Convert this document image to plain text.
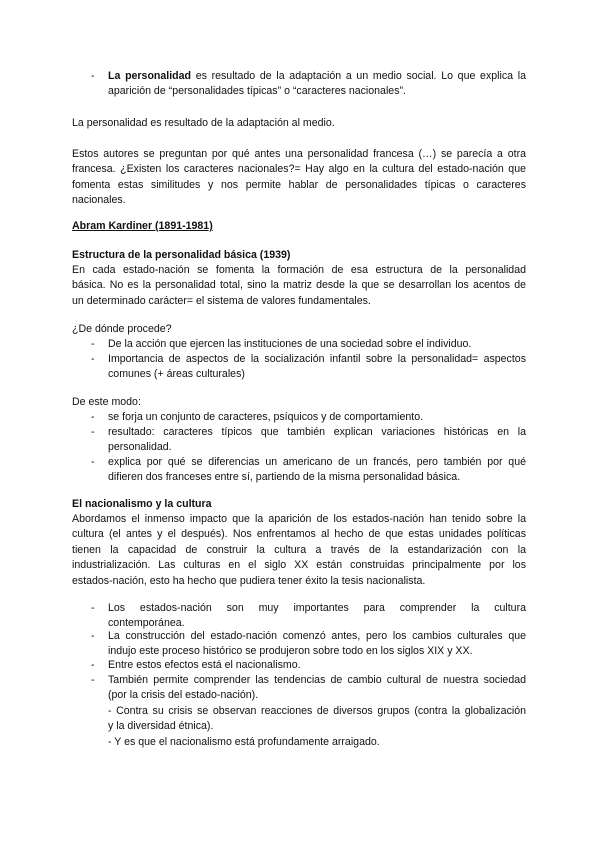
- La personalidad es resultado de la adaptación a un medio social. Lo que explica la
aparición de “personalidades típicas” o “caracteres nacionales”.
La personalidad es resultado de la adaptación al medio.
Estos autores se preguntan por qué antes una personalidad francesa (…) se parecía a otra
francesa. ¿Existen los caracteres nacionales?= Hay algo en la cultura del estado-nación que
fomenta estas similitudes y nos permite hablar de personalidades típicas o caracteres
nacionales.
Abram Kardiner (1891-1981)
Estructura de la personalidad básica (1939)
En cada estado-nación se fomenta la formación de esa estructura de la personalidad
básica. No es la personalidad total, sino la matriz desde la que se desarrollan los acentos de
un determinado carácter= el sistema de valores fundamentales.
¿De dónde procede?
- De la acción que ejercen las instituciones de una sociedad sobre el individuo.
- Importancia de aspectos de la socialización infantil sobre la personalidad= aspectos
comunes (+ áreas culturales)
De este modo:
- se forja un conjunto de caracteres, psíquicos y de comportamiento.
- resultado: caracteres típicos que también explican variaciones históricas en la
personalidad.
- explica por qué se diferencias un americano de un francés, pero también por qué
difieren dos franceses entre sí, partiendo de la misma personalidad básica.
El nacionalismo y la cultura
Abordamos el inmenso impacto que la aparición de los estados-nación han tenido sobre la
cultura (el antes y el después). Nos enfrentamos al hecho de que estas unidades políticas
tienen la capacidad de construir la cultura a través de la estandarización con la
industrialización. Las culturas en el siglo XX están construidas principalmente por los
estados-nación, esto ha hecho que pudiera tener éxito la tesis nacionalista.
- Los estados-nación son muy importantes para comprender la cultura
contemporánea.
- La construcción del estado-nación comenzó antes, pero los cambios culturales que
indujo este proceso histórico se produjeron sobre todo en los siglos XIX y XX.
- Entre estos efectos está el nacionalismo.
- También permite comprender las tendencias de cambio cultural de nuestra sociedad
(por la crisis del estado-nación).
- Contra su crisis se observan reacciones de diversos grupos (contra la globalización
y la diversidad étnica).
- Y es que el nacionalismo está profundamente arraigado.
